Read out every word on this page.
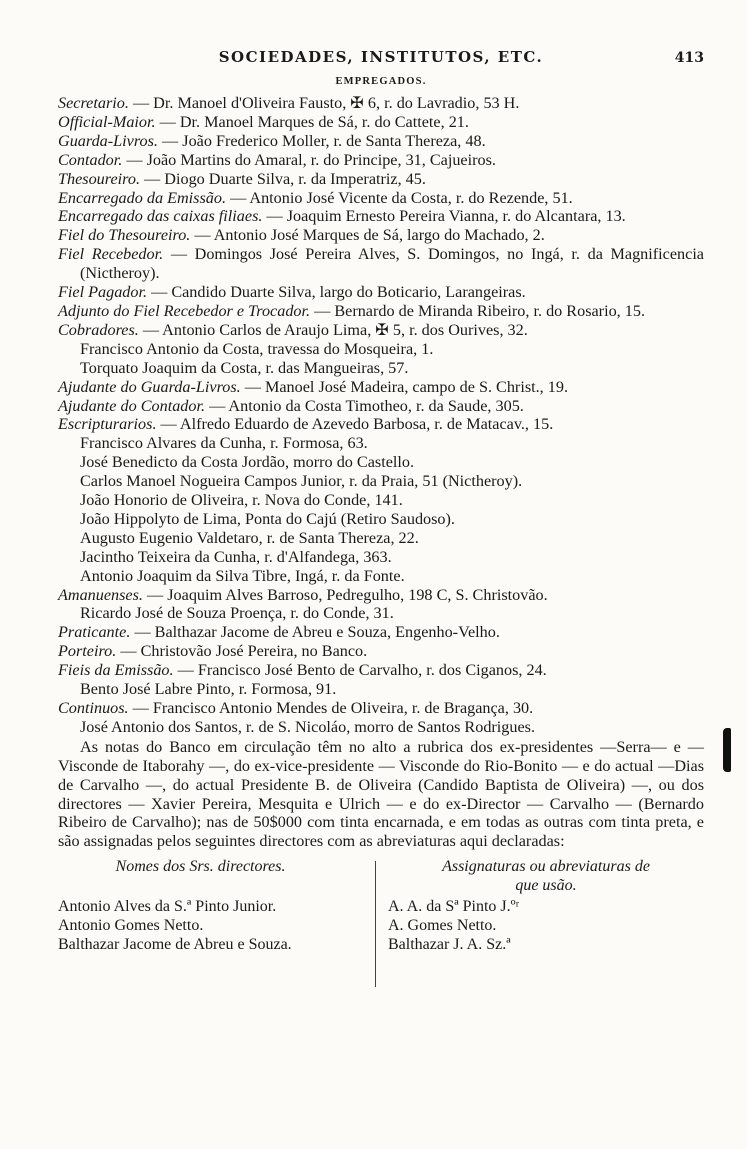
SOCIEDADES, INSTITUTOS, ETC.	413
EMPREGADOS.
Secretario. — Dr. Manoel d'Oliveira Fausto, ✠ 6, r. do Lavradio, 53 H.
Official-Maior. — Dr. Manoel Marques de Sá, r. do Cattete, 21.
Guarda-Livros. — João Frederico Moller, r. de Santa Thereza, 48.
Contador. — João Martins do Amaral, r. do Principe, 31, Cajueiros.
Thesoureiro. — Diogo Duarte Silva, r. da Imperatriz, 45.
Encarregado da Emissão. — Antonio José Vicente da Costa, r. do Rezende, 51.
Encarregado das caixas filiaes. — Joaquim Ernesto Pereira Vianna, r. do Alcantara, 13.
Fiel do Thesoureiro. — Antonio José Marques de Sá, largo do Machado, 2.
Fiel Recebedor. — Domingos José Pereira Alves, S. Domingos, no Ingá, r. da Magnificencia (Nictheroy).
Fiel Pagador. — Candido Duarte Silva, largo do Boticario, Larangeiras.
Adjunto do Fiel Recebedor e Trocador. — Bernardo de Miranda Ribeiro, r. do Rosario, 15.
Cobradores. — Antonio Carlos de Araujo Lima, ✠ 5, r. dos Ourives, 32.
Francisco Antonio da Costa, travessa do Mosqueira, 1.
Torquato Joaquim da Costa, r. das Mangueiras, 57.
Ajudante do Guarda-Livros. — Manoel José Madeira, campo de S. Christ., 19.
Ajudante do Contador. — Antonio da Costa Timotheo, r. da Saude, 305.
Escripturarios. — Alfredo Eduardo de Azevedo Barbosa, r. de Matacav., 15.
Francisco Alvares da Cunha, r. Formosa, 63.
José Benedicto da Costa Jordão, morro do Castello.
Carlos Manoel Nogueira Campos Junior, r. da Praia, 51 (Nictheroy).
João Honorio de Oliveira, r. Nova do Conde, 141.
João Hippolyto de Lima, Ponta do Cajú (Retiro Saudoso).
Augusto Eugenio Valdetaro, r. de Santa Thereza, 22.
Jacintho Teixeira da Cunha, r. d'Alfandega, 363.
Antonio Joaquim da Silva Tibre, Ingá, r. da Fonte.
Amanuenses. — Joaquim Alves Barroso, Pedregulho, 198 C, S. Christovão.
Ricardo José de Souza Proença, r. do Conde, 31.
Praticante. — Balthazar Jacome de Abreu e Souza, Engenho-Velho.
Porteiro. — Christovão José Pereira, no Banco.
Fieis da Emissão. — Francisco José Bento de Carvalho, r. dos Ciganos, 24.
Bento José Labre Pinto, r. Formosa, 91.
Continuos. — Francisco Antonio Mendes de Oliveira, r. de Bragança, 30.
José Antonio dos Santos, r. de S. Nicoláo, morro de Santos Rodrigues.
As notas do Banco em circulação têm no alto a rubrica dos ex-presidentes —Serra— e —Visconde de Itaborahy —, do ex-vice-presidente — Visconde do Rio-Bonito — e do actual —Dias de Carvalho —, do actual Presidente B. de Oliveira (Candido Baptista de Oliveira) —, ou dos directores — Xavier Pereira, Mesquita e Ulrich — e do ex-Director — Carvalho — (Bernardo Ribeiro de Carvalho); nas de 50$000 com tinta encarnada, e em todas as outras com tinta preta, e são assignadas pelos seguintes directores com as abreviaturas aqui declaradas:
Nomes dos Srs. directores.
Antonio Alves da S.ª Pinto Junior.
Antonio Gomes Netto.
Balthazar Jacome de Abreu e Souza.
Assignaturas ou abreviaturas de
que usão.
A. A. da Sª Pinto J.ºʳ
A. Gomes Netto.
Balthazar J. A. Sz.ª
